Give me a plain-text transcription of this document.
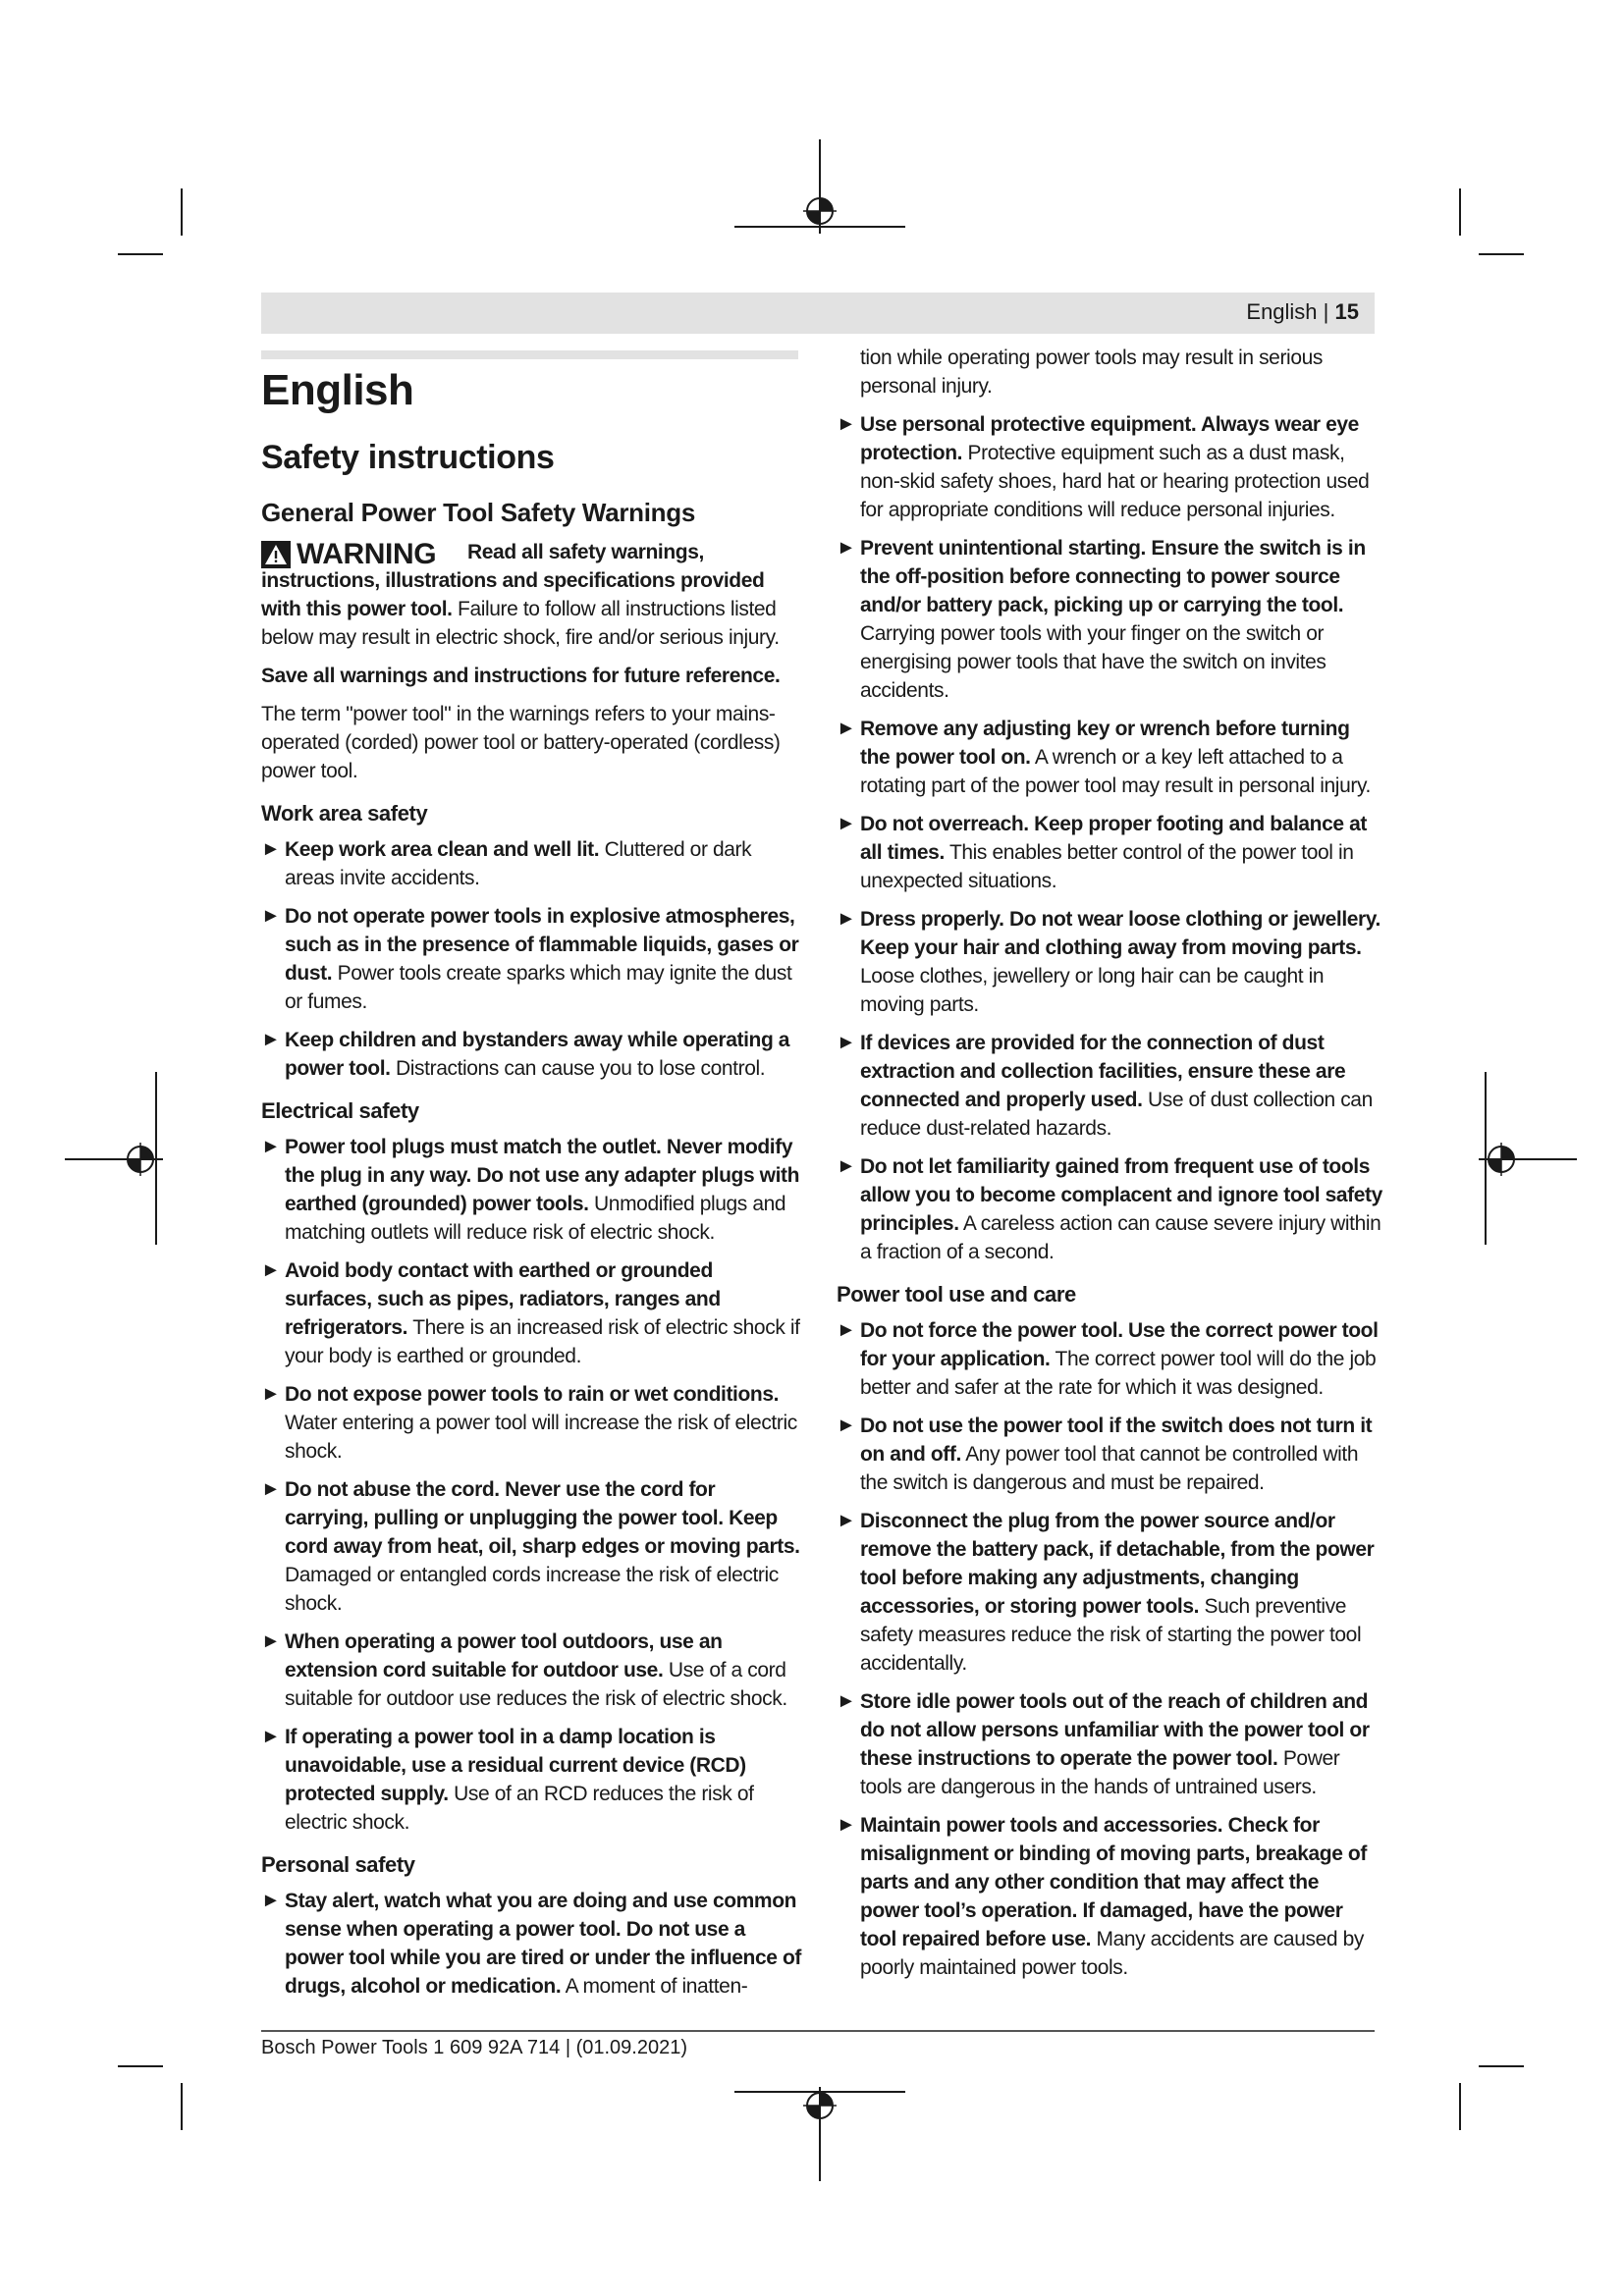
English | 15
English
Safety instructions
General Power Tool Safety Warnings
WARNING	Read all safety warnings, instructions, illustrations and specifications provided with this power tool. Failure to follow all instructions listed below may result in electric shock, fire and/or serious injury.

Save all warnings and instructions for future reference.

The term "power tool" in the warnings refers to your mains-operated (corded) power tool or battery-operated (cordless) power tool.

Work area safety
► Keep work area clean and well lit. Cluttered or dark areas invite accidents.
► Do not operate power tools in explosive atmospheres, such as in the presence of flammable liquids, gases or dust. Power tools create sparks which may ignite the dust or fumes.
► Keep children and bystanders away while operating a power tool. Distractions can cause you to lose control.
Electrical safety
► Power tool plugs must match the outlet. Never modify the plug in any way. Do not use any adapter plugs with earthed (grounded) power tools. Unmodified plugs and matching outlets will reduce risk of electric shock.
► Avoid body contact with earthed or grounded surfaces, such as pipes, radiators, ranges and refrigerators. There is an increased risk of electric shock if your body is earthed or grounded.
► Do not expose power tools to rain or wet conditions. Water entering a power tool will increase the risk of electric shock.
► Do not abuse the cord. Never use the cord for carrying, pulling or unplugging the power tool. Keep cord away from heat, oil, sharp edges or moving parts. Damaged or entangled cords increase the risk of electric shock.
► When operating a power tool outdoors, use an extension cord suitable for outdoor use. Use of a cord suitable for outdoor use reduces the risk of electric shock.
► If operating a power tool in a damp location is unavoidable, use a residual current device (RCD) protected supply. Use of an RCD reduces the risk of electric shock.
Personal safety
► Stay alert, watch what you are doing and use common sense when operating a power tool. Do not use a power tool while you are tired or under the influence of drugs, alcohol or medication. A moment of inatten-

tion while operating power tools may result in serious personal injury.

► Use personal protective equipment. Always wear eye protection. Protective equipment such as a dust mask, non-skid safety shoes, hard hat or hearing protection used for appropriate conditions will reduce personal injuries.
► Prevent unintentional starting. Ensure the switch is in the off-position before connecting to power source and/or battery pack, picking up or carrying the tool. Carrying power tools with your finger on the switch or energising power tools that have the switch on invites accidents.
► Remove any adjusting key or wrench before turning the power tool on. A wrench or a key left attached to a rotating part of the power tool may result in personal injury.
► Do not overreach. Keep proper footing and balance at all times. This enables better control of the power tool in unexpected situations.
► Dress properly. Do not wear loose clothing or jewellery. Keep your hair and clothing away from moving parts. Loose clothes, jewellery or long hair can be caught in moving parts.
► If devices are provided for the connection of dust extraction and collection facilities, ensure these are connected and properly used. Use of dust collection can reduce dust-related hazards.
► Do not let familiarity gained from frequent use of tools allow you to become complacent and ignore tool safety principles. A careless action can cause severe injury within a fraction of a second.
Power tool use and care
► Do not force the power tool. Use the correct power tool for your application. The correct power tool will do the job better and safer at the rate for which it was designed.
► Do not use the power tool if the switch does not turn it on and off. Any power tool that cannot be controlled with the switch is dangerous and must be repaired.
► Disconnect the plug from the power source and/or remove the battery pack, if detachable, from the power tool before making any adjustments, changing accessories, or storing power tools. Such preventive safety measures reduce the risk of starting the power tool accidentally.
► Store idle power tools out of the reach of children and do not allow persons unfamiliar with the power tool or these instructions to operate the power tool. Power tools are dangerous in the hands of untrained users.
► Maintain power tools and accessories. Check for misalignment or binding of moving parts, breakage of parts and any other condition that may affect the power tool’s operation. If damaged, have the power tool repaired before use. Many accidents are caused by poorly maintained power tools.
Bosch Power Tools 1 609 92A 714 | (01.09.2021)
